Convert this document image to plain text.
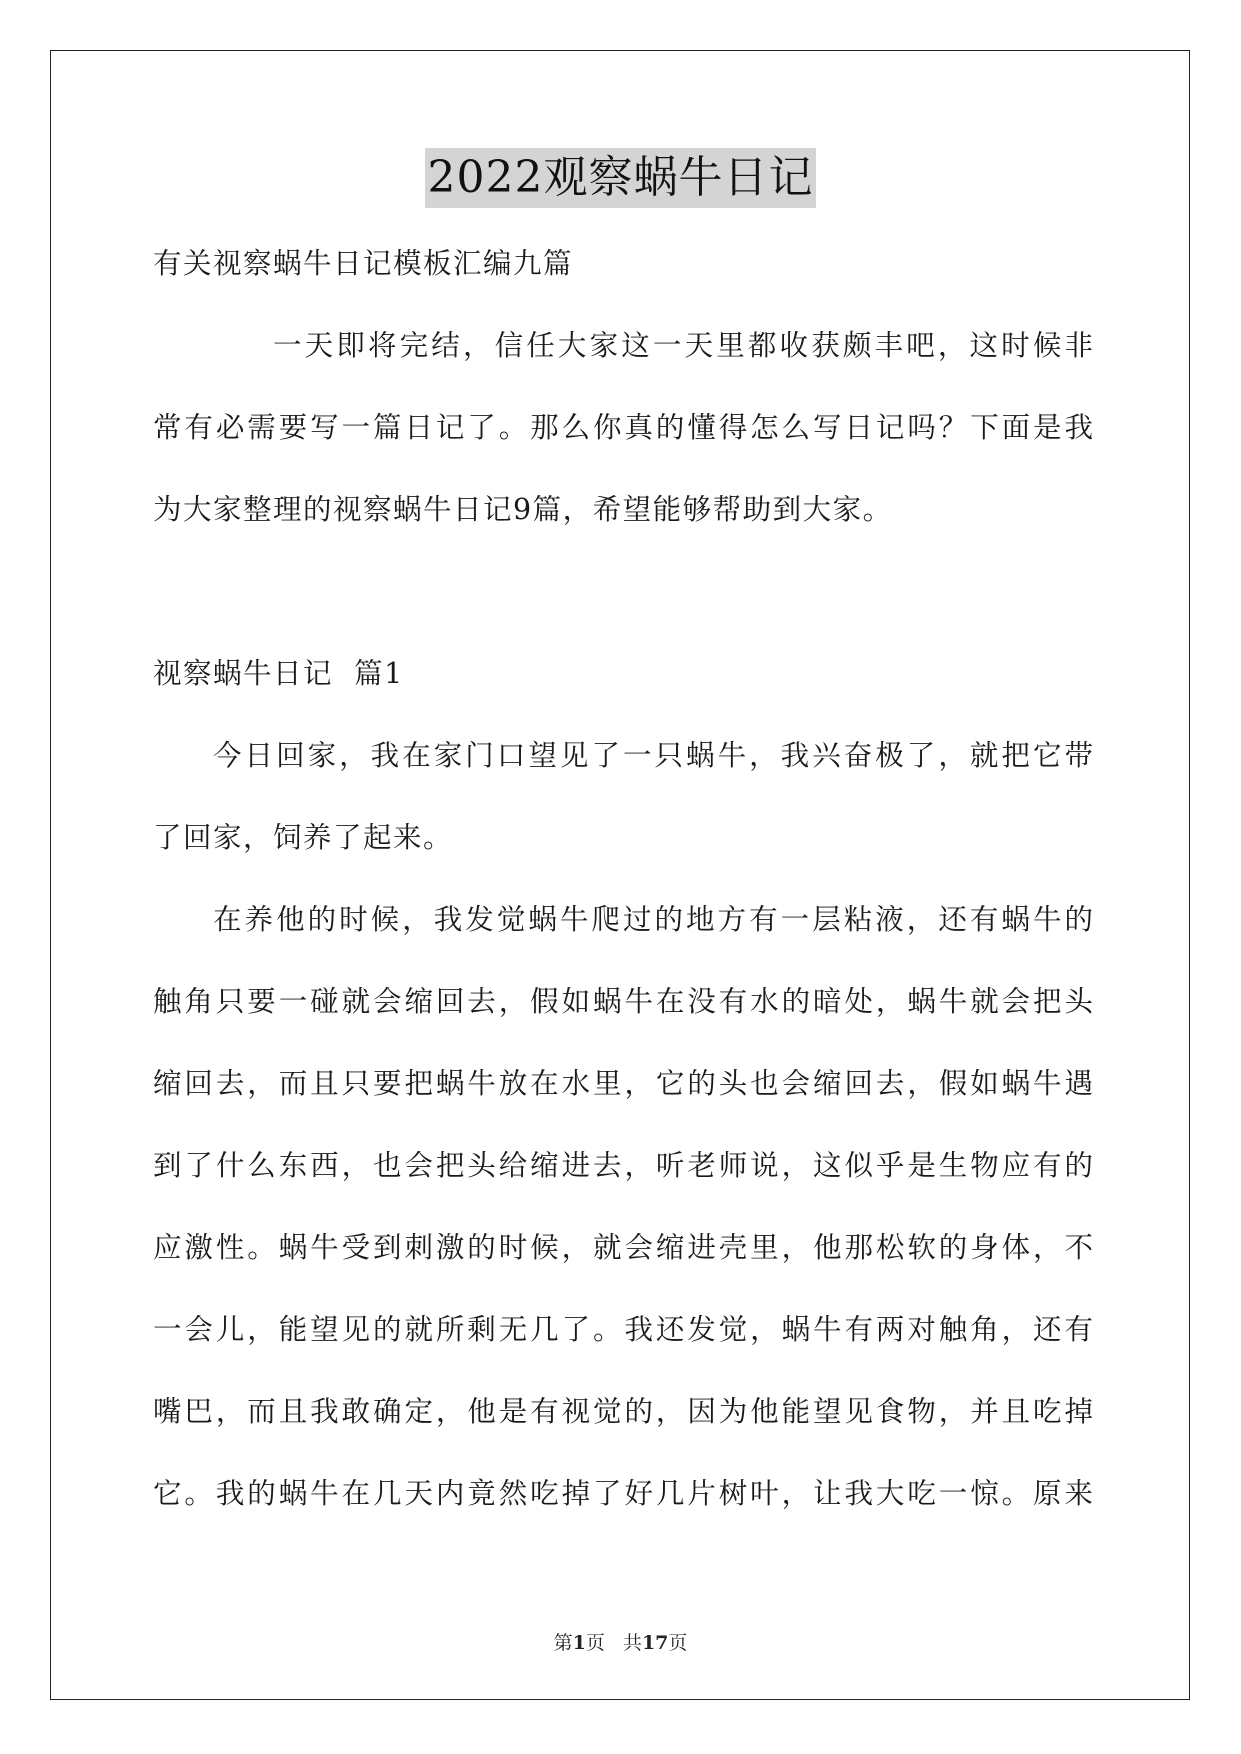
2022观察蜗牛日记
有关视察蜗牛日记模板汇编九篇
一天即将完结，信任大家这一天里都收获颇丰吧，这时候非
常有必需要写一篇日记了。那么你真的懂得怎么写日记吗？下面是我
为大家整理的视察蜗牛日记9篇，希望能够帮助到大家。
视察蜗牛日记  篇1
今日回家，我在家门口望见了一只蜗牛，我兴奋极了，就把它带
了回家，饲养了起来。
在养他的时候，我发觉蜗牛爬过的地方有一层粘液，还有蜗牛的
触角只要一碰就会缩回去，假如蜗牛在没有水的暗处，蜗牛就会把头
缩回去，而且只要把蜗牛放在水里，它的头也会缩回去，假如蜗牛遇
到了什么东西，也会把头给缩进去，听老师说，这似乎是生物应有的
应激性。蜗牛受到刺激的时候，就会缩进壳里，他那松软的身体，不
一会儿，能望见的就所剩无几了。我还发觉，蜗牛有两对触角，还有
嘴巴，而且我敢确定，他是有视觉的，因为他能望见食物，并且吃掉
它。我的蜗牛在几天内竟然吃掉了好几片树叶，让我大吃一惊。原来
第1页   共17页
